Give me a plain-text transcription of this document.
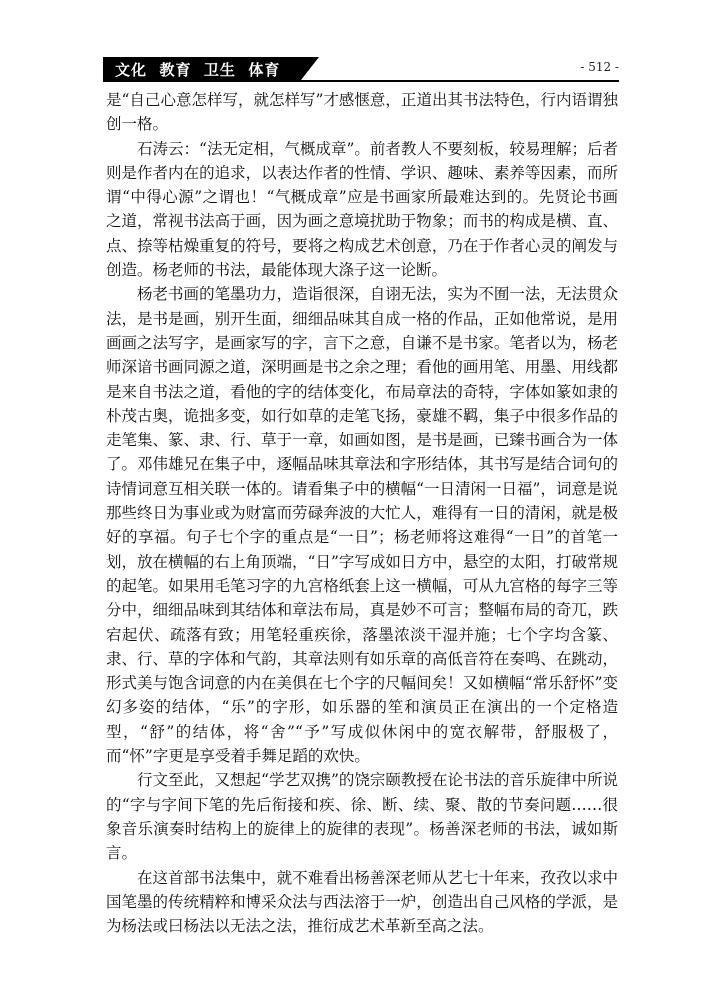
文化  教育  卫生  体育	- 512 -

是“自己心意怎样写，就怎样写”才感惬意，正道出其书法特色，行内语谓独创一格。

石涛云：“法无定相，气概成章”。前者教人不要刻板，较易理解；后者则是作者内在的追求，以表达作者的性情、学识、趣味、素养等因素，而所谓“中得心源”之谓也！“气概成章”应是书画家所最难达到的。先贤论书画之道，常视书法高于画，因为画之意境扰助于物象；而书的构成是横、直、点、捺等枯燥重复的符号，要将之构成艺术创意，乃在于作者心灵的阐发与创造。杨老师的书法，最能体现大涤子这一论断。

杨老书画的笔墨功力，造诣很深，自诩无法，实为不囿一法，无法贯众法，是书是画，别开生面，细细品味其自成一格的作品，正如他常说，是用画画之法写字，是画家写的字，言下之意，自谦不是书家。笔者以为，杨老师深谙书画同源之道，深明画是书之余之理；看他的画用笔、用墨、用线都是来自书法之道，看他的字的结体变化，布局章法的奇特，字体如篆如隶的朴茂古奥，诡拙多变，如行如草的走笔飞扬，豪雄不羁，集子中很多作品的走笔集、篆、隶、行、草于一章，如画如图，是书是画，已臻书画合为一体了。邓伟雄兄在集子中，逐幅品味其章法和字形结体，其书写是结合词句的诗情词意互相关联一体的。请看集子中的横幅“一日清闲一日福”，词意是说那些终日为事业或为财富而劳碌奔波的大忙人，难得有一日的清闲，就是极好的享福。句子七个字的重点是“一日”；杨老师将这难得“一日”的首笔一划，放在横幅的右上角顶端，“日”字写成如日方中，悬空的太阳，打破常规的起笔。如果用毛笔习字的九宫格纸套上这一横幅，可从九宫格的每字三等分中，细细品味到其结体和章法布局，真是妙不可言；整幅布局的奇兀，跌宕起伏、疏落有致；用笔轻重疾徐，落墨浓淡干湿并施；七个字均含篆、隶、行、草的字体和气韵，其章法则有如乐章的高低音符在奏鸣、在跳动，形式美与饱含词意的内在美俱在七个字的尺幅间矣！又如横幅“常乐舒怀”变幻多姿的结体，“乐”的字形，如乐器的笙和演员正在演出的一个定格造型，“舒”的结体，将“舍”“予”写成似休闲中的宽衣解带，舒服极了，而“怀”字更是享受着手舞足蹈的欢快。

行文至此，又想起“学艺双携”的饶宗颐教授在论书法的音乐旋律中所说的“字与字间下笔的先后衔接和疾、徐、断、续、聚、散的节奏问题……很象音乐演奏时结构上的旋律上的旋律的表现”。杨善深老师的书法，诚如斯言。

在这首部书法集中，就不难看出杨善深老师从艺七十年来，孜孜以求中国笔墨的传统精粹和博采众法与西法溶于一炉，创造出自己风格的学派，是为杨法或曰杨法以无法之法，推衍成艺术革新至高之法。
